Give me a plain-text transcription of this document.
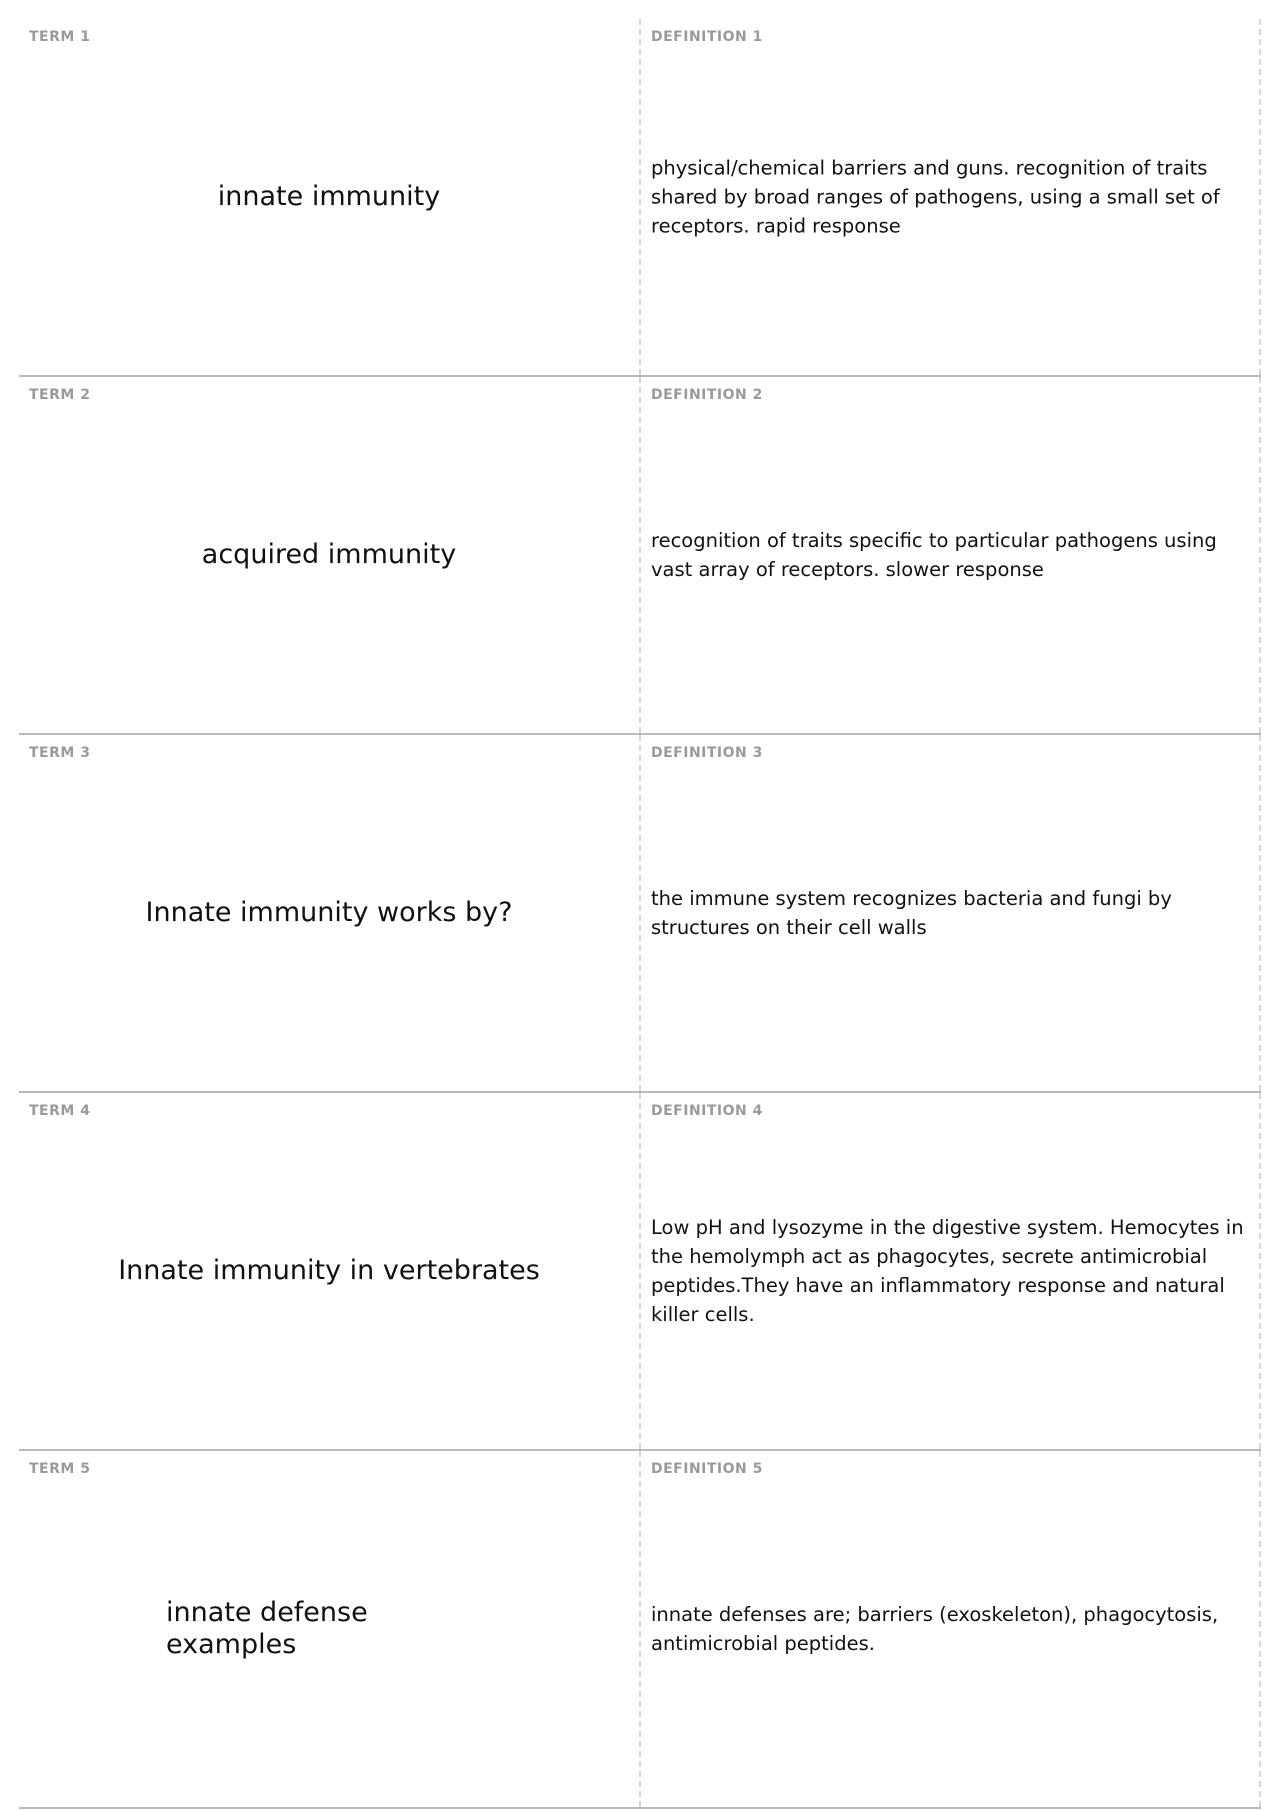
TERM 1
innate immunity
DEFINITION 1
physical/chemical barriers and guns. recognition of traits shared by broad ranges of pathogens, using a small set of receptors. rapid response
TERM 2
acquired immunity
DEFINITION 2
recognition of traits specific to particular pathogens using vast array of receptors. slower response
TERM 3
Innate immunity works by?
DEFINITION 3
the immune system recognizes bacteria and fungi by structures on their cell walls
TERM 4
Innate immunity in vertebrates
DEFINITION 4
Low pH and lysozyme in the digestive system. Hemocytes in the hemolymph act as phagocytes, secrete antimicrobial peptides.They have an inflammatory response and natural killer cells.
TERM 5
innate defense examples
DEFINITION 5
innate defenses are; barriers (exoskeleton), phagocytosis, antimicrobial peptides.
